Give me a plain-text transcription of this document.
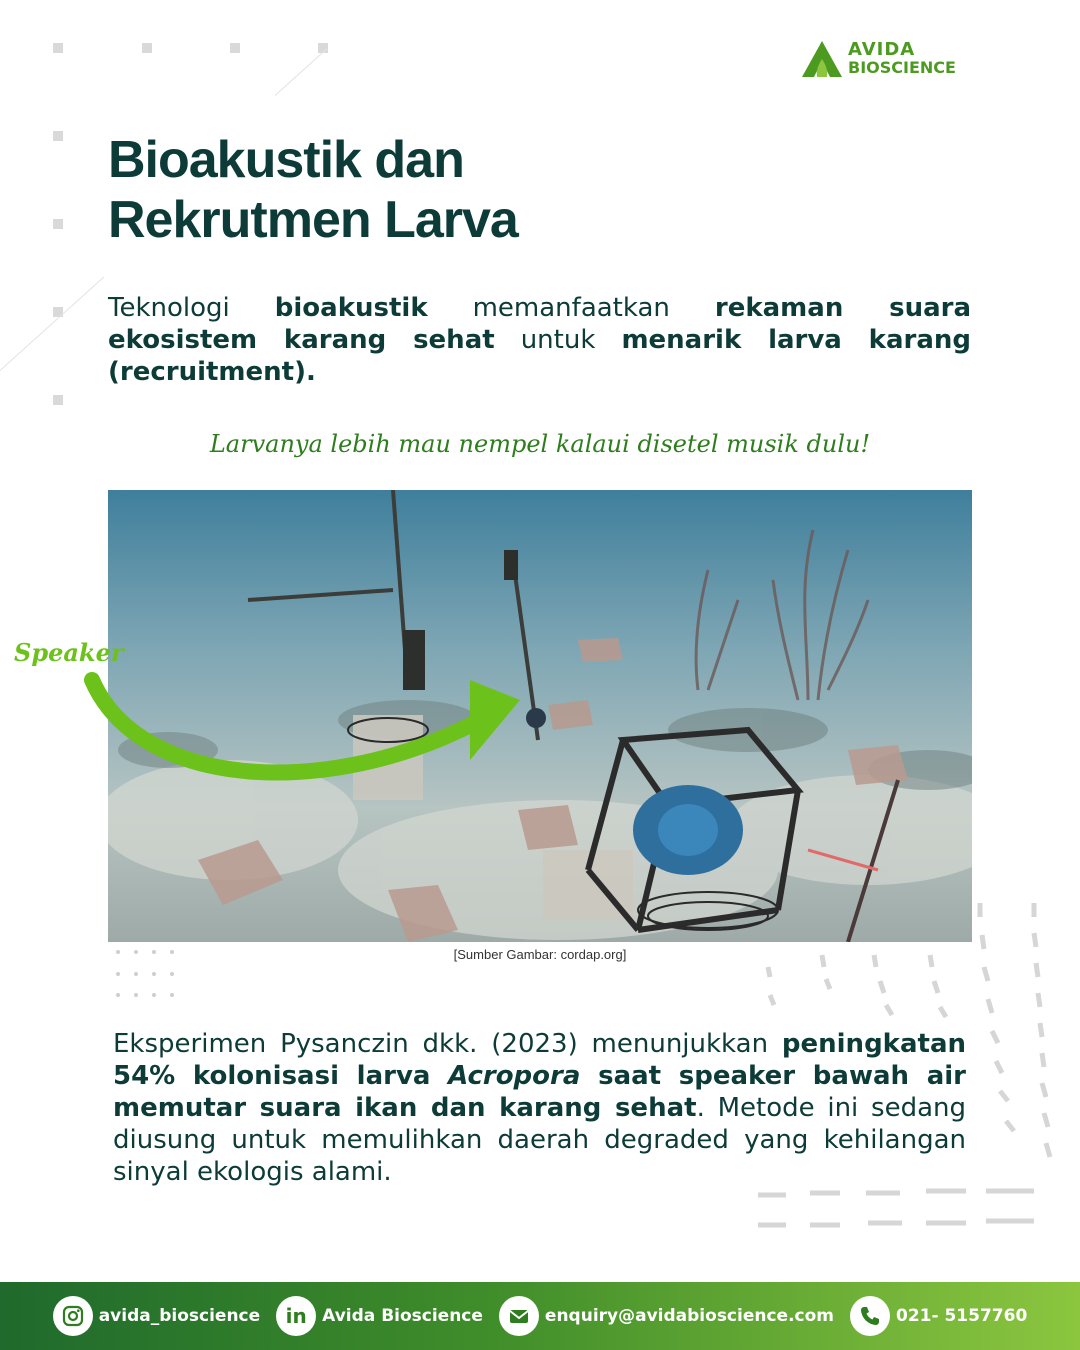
AVIDA
BIOSCIENCE
Bioakustik dan
Rekrutmen Larva
Teknologi bioakustik memanfaatkan rekaman suara ekosistem karang sehat untuk menarik larva karang (recruitment).
Larvanya lebih mau nempel kalaui disetel musik dulu!
Speaker
[Sumber Gambar: cordap.org]
Eksperimen Pysanczin dkk. (2023) menunjukkan peningkatan 54% kolonisasi larva Acropora saat speaker bawah air memutar suara ikan dan karang sehat. Metode ini sedang diusung untuk memulihkan daerah degraded yang kehilangan sinyal ekologis alami.
avida_bioscience	in Avida Bioscience	enquiry@avidabioscience.com	021- 5157760
